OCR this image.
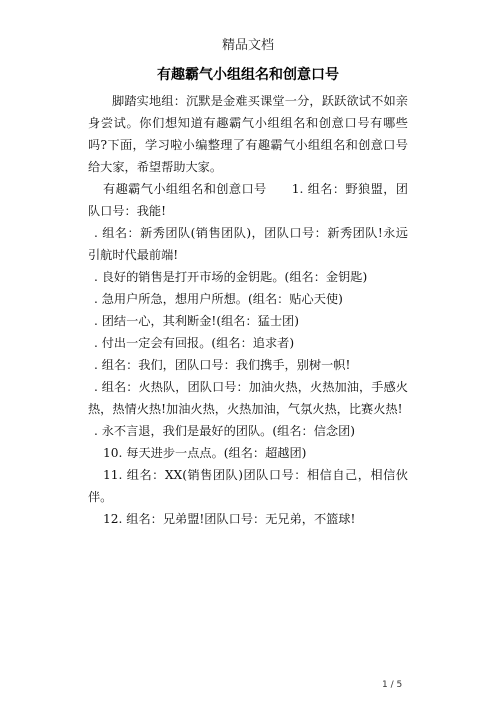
精品文档
有趣霸气小组组名和创意口号

脚踏实地组：沉默是金难买课堂一分，跃跃欲试不如亲身尝试。你们想知道有趣霸气小组组名和创意口号有哪些吗?下面，学习啦小编整理了有趣霸气小组组名和创意口号给大家，希望帮助大家。

有趣霸气小组组名和创意口号　　1. 组名：野狼盟，团队口号：我能!

. 组名：新秀团队(销售团队)，团队口号：新秀团队!永远引航时代最前端!

. 良好的销售是打开市场的金钥匙。(组名：金钥匙)

. 急用户所急，想用户所想。(组名：贴心天使)

. 团结一心，其利断金!(组名：猛士团)

. 付出一定会有回报。(组名：追求者)

. 组名：我们，团队口号：我们携手，别树一帜!

. 组名：火热队，团队口号：加油火热，火热加油，手感火热，热情火热!加油火热，火热加油，气氛火热，比赛火热!

. 永不言退，我们是最好的团队。(组名：信念团)

10. 每天进步一点点。(组名：超越团)

11. 组名：XX(销售团队)团队口号：相信自己，相信伙伴。

12. 组名：兄弟盟!团队口号：无兄弟，不篮球!

1 / 5
